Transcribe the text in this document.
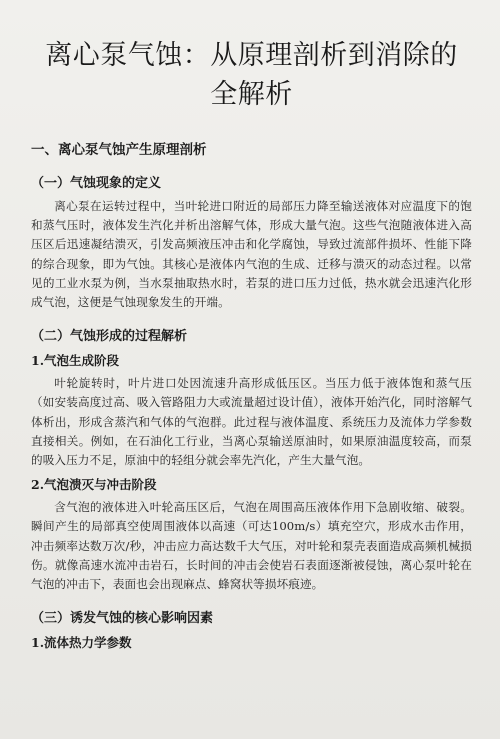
离心泵气蚀：从原理剖析到消除的全解析
一、离心泵气蚀产生原理剖析
（一）气蚀现象的定义

离心泵在运转过程中，当叶轮进口附近的局部压力降至输送液体对应温度下的饱和蒸气压时，液体发生汽化并析出溶解气体，形成大量气泡。这些气泡随液体进入高压区后迅速凝结溃灭，引发高频液压冲击和化学腐蚀，导致过流部件损坏、性能下降的综合现象，即为气蚀。其核心是液体内气泡的生成、迁移与溃灭的动态过程。以常见的工业水泵为例，当水泵抽取热水时，若泵的进口压力过低，热水就会迅速汽化形成气泡，这便是气蚀现象发生的开端。

（二）气蚀形成的过程解析
1.气泡生成阶段

叶轮旋转时，叶片进口处因流速升高形成低压区。当压力低于液体饱和蒸气压（如安装高度过高、吸入管路阻力大或流量超过设计值），液体开始汽化，同时溶解气体析出，形成含蒸汽和气体的气泡群。此过程与液体温度、系统压力及流体力学参数直接相关。例如，在石油化工行业，当离心泵输送原油时，如果原油温度较高，而泵的吸入压力不足，原油中的轻组分就会率先汽化，产生大量气泡。

2.气泡溃灭与冲击阶段

含气泡的液体进入叶轮高压区后，气泡在周围高压液体作用下急剧收缩、破裂。瞬间产生的局部真空使周围液体以高速（可达100m/s）填充空穴，形成水击作用，冲击频率达数万次/秒，冲击应力高达数千大气压，对叶轮和泵壳表面造成高频机械损伤。就像高速水流冲击岩石，长时间的冲击会使岩石表面逐渐被侵蚀，离心泵叶轮在气泡的冲击下，表面也会出现麻点、蜂窝状等损坏痕迹。

（三）诱发气蚀的核心影响因素
1.流体热力学参数
